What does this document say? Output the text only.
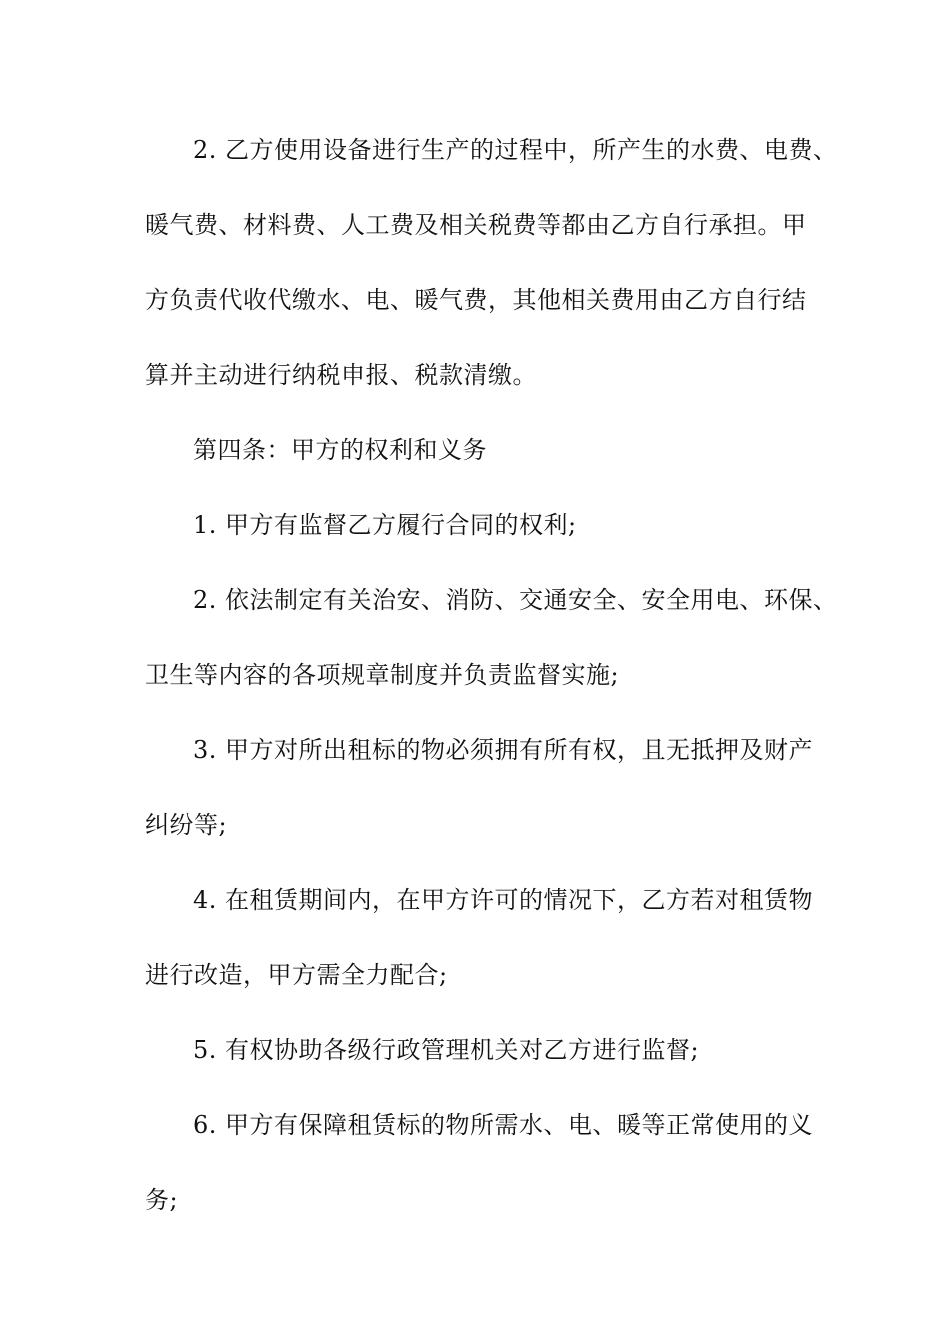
2. 乙方使用设备进行生产的过程中，所产生的水费、电费、
暖气费、材料费、人工费及相关税费等都由乙方自行承担。甲
方负责代收代缴水、电、暖气费，其他相关费用由乙方自行结
算并主动进行纳税申报、税款清缴。
第四条：甲方的权利和义务
1. 甲方有监督乙方履行合同的权利;
2. 依法制定有关治安、消防、交通安全、安全用电、环保、
卫生等内容的各项规章制度并负责监督实施;
3. 甲方对所出租标的物必须拥有所有权，且无抵押及财产
纠纷等;
4. 在租赁期间内，在甲方许可的情况下，乙方若对租赁物
进行改造，甲方需全力配合;
5. 有权协助各级行政管理机关对乙方进行监督;
6. 甲方有保障租赁标的物所需水、电、暖等正常使用的义
务;
